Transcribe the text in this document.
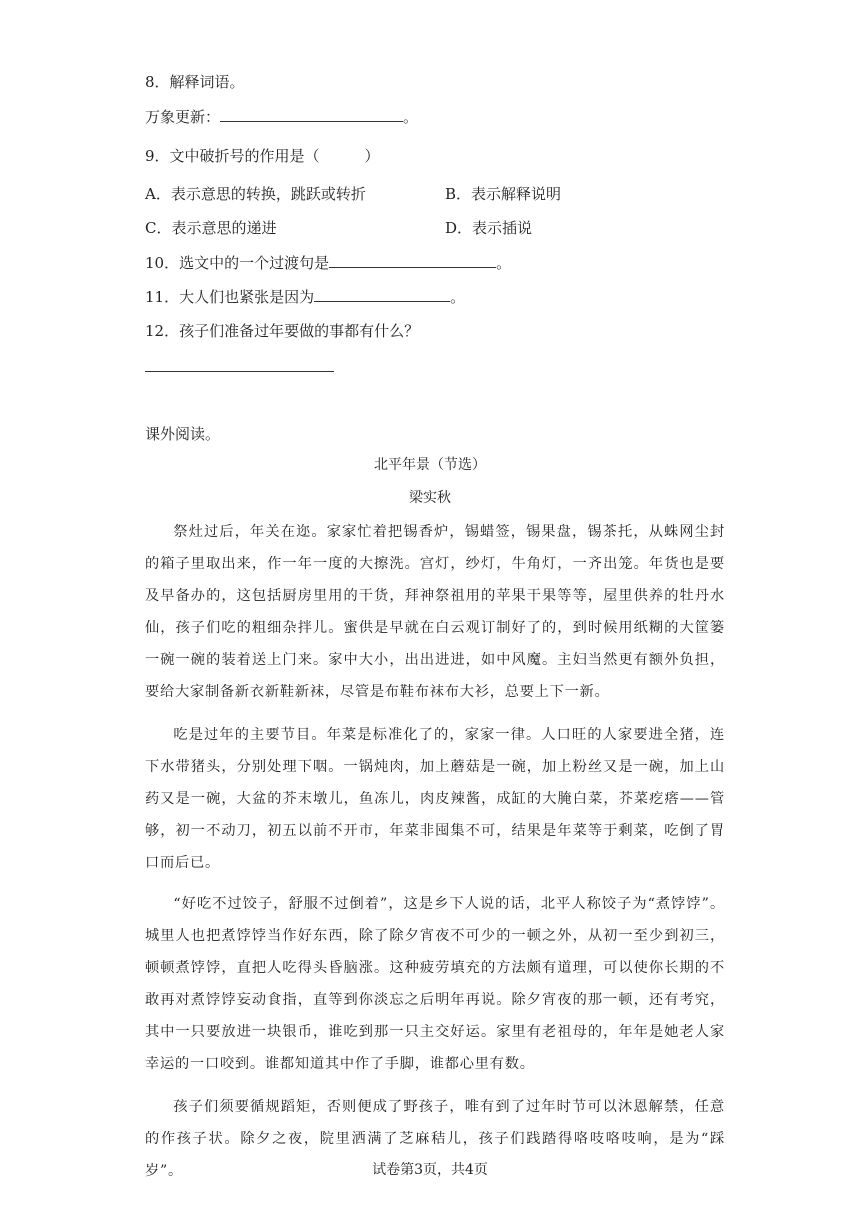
8．解释词语。
万象更新：	。
9．文中破折号的作用是（　　　）
A．表示意思的转换，跳跃或转折	B．表示解释说明
C．表示意思的递进	D．表示插说
10．选文中的一个过渡句是	。
11．大人们也紧张是因为	。
12．孩子们准备过年要做的事都有什么？
课外阅读。
北平年景（节选）
梁实秋
祭灶过后，年关在迩。家家忙着把锡香炉，锡蜡签，锡果盘，锡茶托，从蛛网尘封的箱子里取出来，作一年一度的大擦洗。宫灯，纱灯，牛角灯，一齐出笼。年货也是要及早备办的，这包括厨房里用的干货，拜神祭祖用的苹果干果等等，屋里供养的牡丹水仙，孩子们吃的粗细杂拌儿。蜜供是早就在白云观订制好了的，到时候用纸糊的大筐篓一碗一碗的装着送上门来。家中大小，出出进进，如中风魔。主妇当然更有额外负担，要给大家制备新衣新鞋新袜，尽管是布鞋布袜布大衫，总要上下一新。
吃是过年的主要节目。年菜是标准化了的，家家一律。人口旺的人家要进全猪，连下水带猪头，分别处理下咽。一锅炖肉，加上蘑菇是一碗，加上粉丝又是一碗，加上山药又是一碗，大盆的芥末墩儿，鱼冻儿，肉皮辣酱，成缸的大腌白菜，芥菜疙瘩——管够，初一不动刀，初五以前不开市，年菜非囤集不可，结果是年菜等于剩菜，吃倒了胃口而后已。
“好吃不过饺子，舒服不过倒着”，这是乡下人说的话，北平人称饺子为“煮饽饽”。城里人也把煮饽饽当作好东西，除了除夕宵夜不可少的一顿之外，从初一至少到初三，顿顿煮饽饽，直把人吃得头昏脑涨。这种疲劳填充的方法颇有道理，可以使你长期的不敢再对煮饽饽妄动食指，直等到你淡忘之后明年再说。除夕宵夜的那一顿，还有考究，其中一只要放进一块银币，谁吃到那一只主交好运。家里有老祖母的，年年是她老人家幸运的一口咬到。谁都知道其中作了手脚，谁都心里有数。
孩子们须要循规蹈矩，否则便成了野孩子，唯有到了过年时节可以沐恩解禁，任意的作孩子状。除夕之夜，院里洒满了芝麻秸儿，孩子们践踏得咯吱咯吱响，是为“踩岁”。	试卷第3页，共4页
